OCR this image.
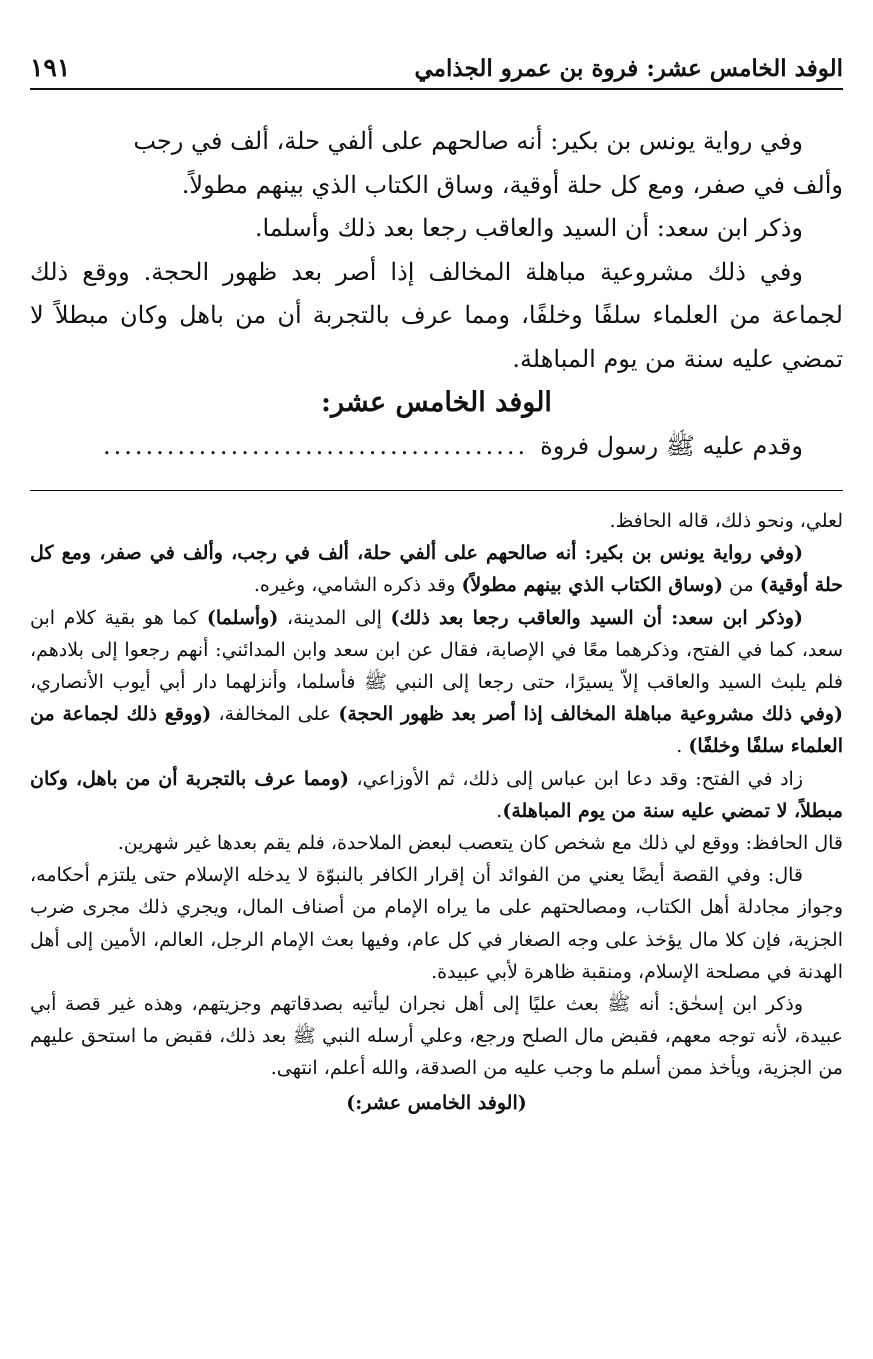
الوفد الخامس عشر: فروة بن عمرو الجذامي
١٩١

وفي رواية يونس بن بكير: أنه صالحهم على ألفي حلة، ألف في رجب

وألف في صفر، ومع كل حلة أوقية، وساق الكتاب الذي بينهم مطولاً.

وذكر ابن سعد: أن السيد والعاقب رجعا بعد ذلك وأسلما.

وفي ذلك مشروعية مباهلة المخالف إذا أصر بعد ظهور الحجة. ووقع ذلك لجماعة من العلماء سلفًا وخلفًا، ومما عرف بالتجربة أن من باهل وكان مبطلاً لا تمضي عليه سنة من يوم المباهلة.

الوفد الخامس عشر:

وقدم عليه ﷺ رسول فروة
........................................

لعلي، ونحو ذلك، قاله الحافظ.

(وفي رواية يونس بن بكير: أنه صالحهم على ألفي حلة، ألف في رجب، وألف في صفر، ومع كل حلة أوقية) من (وساق الكتاب الذي بينهم مطولاً) وقد ذكره الشامي، وغيره.

(وذكر ابن سعد: أن السيد والعاقب رجعا بعد ذلك) إلى المدينة، (وأسلما) كما هو بقية كلام ابن سعد، كما في الفتح، وذكرهما معًا في الإصابة، فقال عن ابن سعد وابن المدائني: أنهم رجعوا إلى بلادهم، فلم يلبث السيد والعاقب إلاّ يسيرًا، حتى رجعا إلى النبي ﷺ فأسلما، وأنزلهما دار أبي أيوب الأنصاري، (وفي ذلك مشروعية مباهلة المخالف إذا أصر بعد ظهور الحجة) على المخالفة، (ووقع ذلك لجماعة من العلماء سلفًا وخلفًا) .

زاد في الفتح: وقد دعا ابن عباس إلى ذلك، ثم الأوزاعي، (ومما عرف بالتجربة أن من باهل، وكان مبطلاً، لا تمضي عليه سنة من يوم المباهلة).

قال الحافظ: ووقع لي ذلك مع شخص كان يتعصب لبعض الملاحدة، فلم يقم بعدها غير شهرين.

قال: وفي القصة أيضًا يعني من الفوائد أن إقرار الكافر بالنبوّة لا يدخله الإسلام حتى يلتزم أحكامه، وجواز مجادلة أهل الكتاب، ومصالحتهم على ما يراه الإمام من أصناف المال، ويجري ذلك مجرى ضرب الجزية، فإن كلا مال يؤخذ على وجه الصغار في كل عام، وفيها بعث الإمام الرجل، العالم، الأمين إلى أهل الهدنة في مصلحة الإسلام، ومنقبة ظاهرة لأبي عبيدة.

وذكر ابن إسحٰق: أنه ﷺ بعث عليًا إلى أهل نجران ليأتيه بصدقاتهم وجزيتهم، وهذه غير قصة أبي عبيدة، لأنه توجه معهم، فقبض مال الصلح ورجع، وعلي أرسله النبي ﷺ بعد ذلك، فقبض ما استحق عليهم من الجزية، ويأخذ ممن أسلم ما وجب عليه من الصدقة، والله أعلم، انتهى.

(الوفد الخامس عشر:)
